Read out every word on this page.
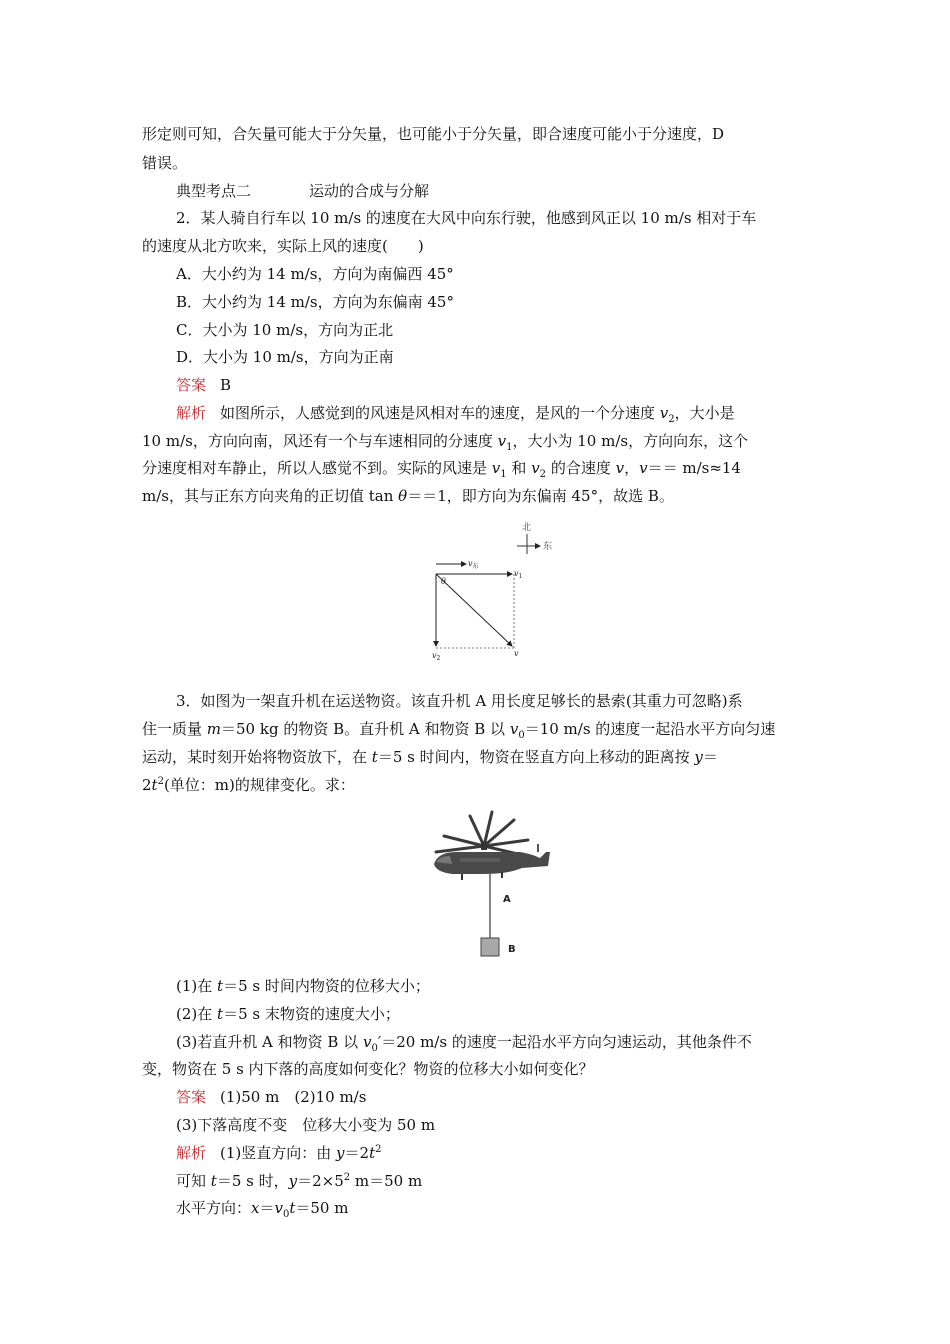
形定则可知，合矢量可能大于分矢量，也可能小于分矢量，即合速度可能小于分速度，D
错误。
典型考点二	运动的合成与分解
2．某人骑自行车以 10 m/s 的速度在大风中向东行驶，他感到风正以 10 m/s 相对于车
的速度从北方吹来，实际上风的速度(　　)
A．大小约为 14 m/s，方向为南偏西 45°
B．大小约为 14 m/s，方向为东偏南 45°
C．大小为 10 m/s，方向为正北
D．大小为 10 m/s，方向为正南
答案 B
解析 如图所示，人感觉到的风速是风相对车的速度，是风的一个分速度 $v_2$，大小是
10 m/s，方向向南，风还有一个与车速相同的分速度 $v_1$，大小为 10 m/s，方向向东，这个
分速度相对车静止，所以人感觉不到。实际的风速是 $v_1$ 和 $v_2$ 的合速度 v，v＝＝ m/s≈14
m/s，其与正东方向夹角的正切值 tan θ＝＝1，即方向为东偏南 45°，故选 B。
北
东
$v_东$
$v_1$
$v_2$
v
θ
3．如图为一架直升机在运送物资。该直升机 A 用长度足够长的悬索(其重力可忽略)系
住一质量 m＝50 kg 的物资 B。直升机 A 和物资 B 以 $v_0=10$ m/s 的速度一起沿水平方向匀速
运动，某时刻开始将物资放下，在 t＝5 s 时间内，物资在竖直方向上移动的距离按 y＝
$2t^2$(单位：m)的规律变化。求：
A
B
(1)在 t＝5 s 时间内物资的位移大小；
(2)在 t＝5 s 末物资的速度大小；
(3)若直升机 A 和物资 B 以 $v_0'=20$ m/s 的速度一起沿水平方向匀速运动，其他条件不
变，物资在 5 s 内下落的高度如何变化？物资的位移大小如何变化？
答案 (1)50 m　(2)10 m/s
(3)下落高度不变　位移大小变为 50 m
解析 (1)竖直方向：由 $y=2t^2$
可知 t＝5 s 时，$y=2\times 5^2$ m＝50 m
水平方向：$x=v_0t=50$ m
